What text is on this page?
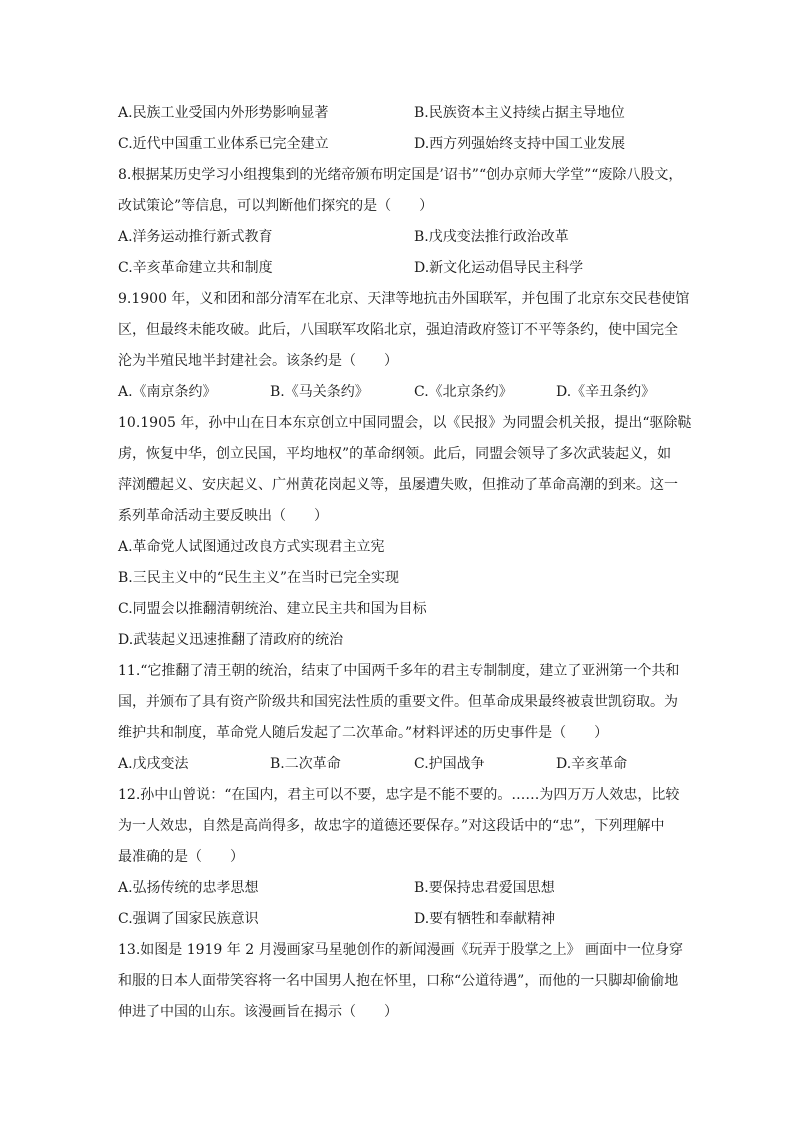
A.民族工业受国内外形势影响显著	B.民族资本主义持续占据主导地位
C.近代中国重工业体系已完全建立	D.西方列强始终支持中国工业发展
8.根据某历史学习小组搜集到的光绪帝颁布明定国是’诏书”“创办京师大学堂”“废除八股文，
改试策论”等信息，可以判断他们探究的是（　　）
A.洋务运动推行新式教育	B.戊戌变法推行政治改革
C.辛亥革命建立共和制度	D.新文化运动倡导民主科学
9.1900 年，义和团和部分清军在北京、天津等地抗击外国联军，并包围了北京东交民巷使馆
区，但最终未能攻破。此后，八国联军攻陷北京，强迫清政府签订不平等条约，使中国完全
沦为半殖民地半封建社会。该条约是（　　）
A.《南京条约》	B.《马关条约》	C.《北京条约》	D.《辛丑条约》
10.1905 年，孙中山在日本东京创立中国同盟会，以《民报》为同盟会机关报，提出“驱除鞑
虏，恢复中华，创立民国，平均地权”的革命纲领。此后，同盟会领导了多次武装起义，如
萍浏醴起义、安庆起义、广州黄花岗起义等，虽屡遭失败，但推动了革命高潮的到来。这一
系列革命活动主要反映出（　　）
A.革命党人试图通过改良方式实现君主立宪
B.三民主义中的“民生主义”在当时已完全实现
C.同盟会以推翻清朝统治、建立民主共和国为目标
D.武装起义迅速推翻了清政府的统治
11.“它推翻了清王朝的统治，结束了中国两千多年的君主专制制度，建立了亚洲第一个共和
国，并颁布了具有资产阶级共和国宪法性质的重要文件。但革命成果最终被袁世凯窃取。为
维护共和制度，革命党人随后发起了二次革命。”材料评述的历史事件是（　　）
A.戊戌变法	B.二次革命	C.护国战争	D.辛亥革命
12.孙中山曾说：“在国内，君主可以不要，忠字是不能不要的。……为四万万人效忠，比较
为一人效忠，自然是高尚得多，故忠字的道德还要保存。”对这段话中的“忠”，下列理解中
最准确的是（　　）
A.弘扬传统的忠孝思想	B.要保持忠君爱国思想
C.强调了国家民族意识	D.要有牺牲和奉献精神
13.如图是 1919 年 2 月漫画家马星驰创作的新闻漫画《玩弄于股掌之上》 画面中一位身穿
和服的日本人面带笑容将一名中国男人抱在怀里，口称“公道待遇”，而他的一只脚却偷偷地
伸进了中国的山东。该漫画旨在揭示（　　）
